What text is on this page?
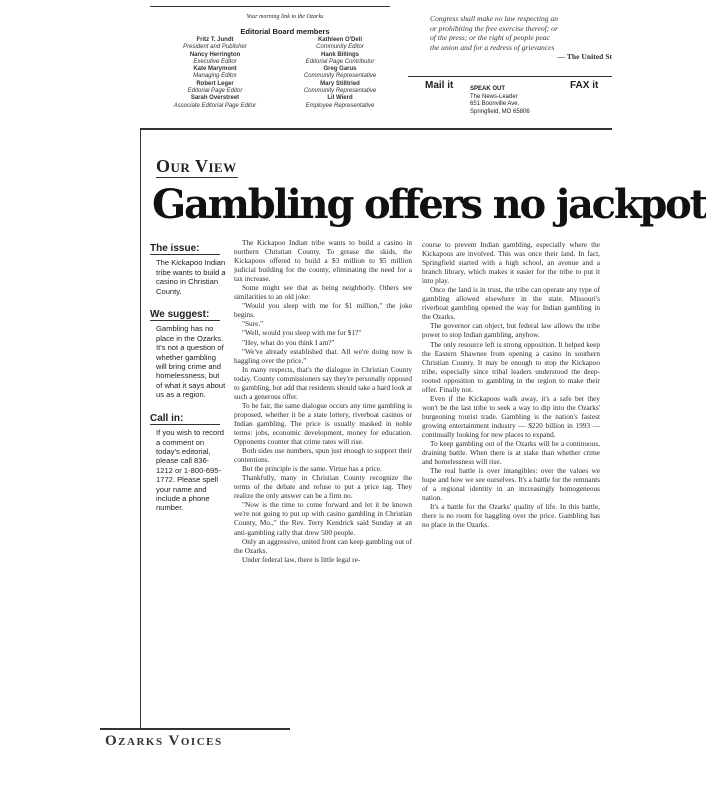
Your morning link to the Ozarks
Editorial Board members
Fritz T. Jundt
President and Publisher
Nancy Herrington
Executive Editor
Kate Marymont
Managing Editor
Robert Leger
Editorial Page Editor
Sarah Overstreet
Associate Editorial Page Editor
Kathleen O'Dell
Community Editor
Hank Billings
Editorial Page Contributor
Greg Garus
Community Representative
Mary Stilltried
Community Representative
Lil Wierd
Employee Representative
Congress shall make no law respecting an
or prohibiting the free exercise thereof; or
of the press; or the right of people peac
the union and for a redress of grievances
— The United St
Mail it	SPEAK OUT
The News-Leader
651 Boonville Ave.
Springfield, MO 65806
FAX it
Our View
Gambling offers no jackpot
The issue:
The Kickapoo Indian tribe wants to build a casino in Christian County.
We suggest:
Gambling has no place in the Ozarks. It's not a question of whether gambling will bring crime and homelessness, but of what it says about us as a region.
Call in:
If you wish to record a comment on today's editorial, please call 836-1212 or 1-800-695-1772. Please spell your name and include a phone number.

The Kickapoo Indian tribe wants to build a casino in northern Christian County. To grease the skids, the Kickapoos offered to build a $3 million to $5 million judicial building for the county, eliminating the need for a tax increase.

Some might see that as being neighborly. Others see similarities to an old joke:

"Would you sleep with me for $1 million," the joke begins.

"Sure."

"Well, would you sleep with me for $1?"

"Hey, what do you think I am?"

"We've already established that. All we're doing now is haggling over the price."

In many respects, that's the dialogue in Christian County today. County commissioners say they're personally opposed to gambling, but add that residents should take a hard look at such a generous offer.

To be fair, the same dialogue occurs any time gambling is proposed, whether it be a state lottery, riverboat casinos or Indian gambling. The price is usually masked in noble terms: jobs, economic development, money for education. Opponents counter that crime rates will rise.

Both sides use numbers, spun just enough to support their contentions.

But the principle is the same. Virtue has a price.

Thankfully, many in Christian County recognize the terms of the debate and refuse to put a price tag. They realize the only answer can be a firm no.

"Now is the time to come forward and let it be known we're not going to put up with casino gambling in Christian County, Mo.," the Rev. Terry Kendrick said Sunday at an anti-gambling rally that drew 500 people.

Only an aggressive, united front can keep gambling out of the Ozarks.

Under federal law, there is little legal re-

course to prevent Indian gambling, especially where the Kickapoos are involved. This was once their land. In fact, Springfield started with a high school, an avenue and a branch library, which makes it easier for the tribe to put it into play.

Once the land is in trust, the tribe can operate any type of gambling allowed elsewhere in the state. Missouri's riverboat gambling opened the way for Indian gambling in the Ozarks.

The governor can object, but federal law allows the tribe power to stop Indian gambling, anyhow.

The only resource left is strong opposition. It helped keep the Eastern Shawnee from opening a casino in southern Christian County. It may be enough to stop the Kickapoo tribe, especially since tribal leaders understood the deep-rooted opposition to gambling in the region to make their offer. Finally not.

Even if the Kickapoos walk away, it's a safe bet they won't be the last tribe to seek a way to dip into the Ozarks' burgeoning tourist trade. Gambling is the nation's fastest growing entertainment industry — $220 billion in 1993 — continually looking for new places to expand.

To keep gambling out of the Ozarks will be a continuous, draining battle. When there is at stake than whether crime and homelessness will rise.

The real battle is over intangibles: over the values we hope and how we see ourselves. It's a battle for the remnants of a regional identity in an increasingly homogeneous nation.

It's a battle for the Ozarks' quality of life. In this battle, there is no room for haggling over the price. Gambling has no place in the Ozarks.

Ozarks Voices
